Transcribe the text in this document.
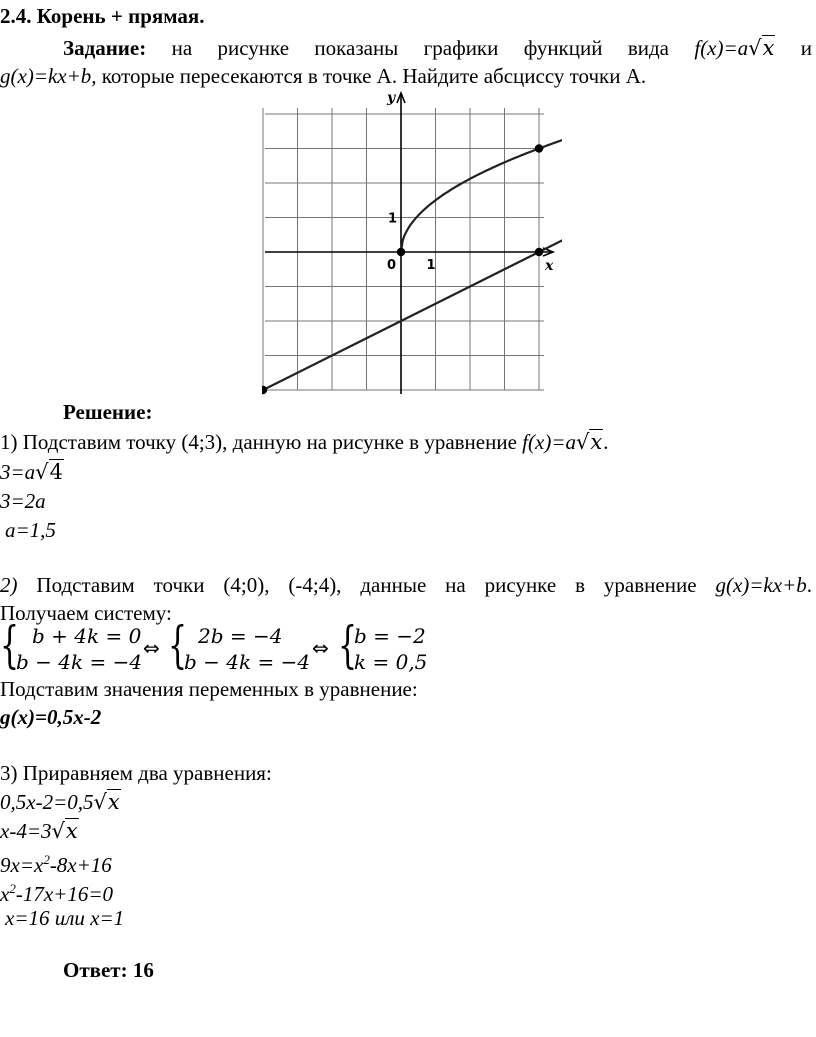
2.4. Корень + прямая.
Задание: на рисунке показаны графики функций вида f(x)=a√x и
g(x)=kx+b, которые пересекаются в точке А. Найдите абсциссу точки А.
y
x
0 1
1
Решение:
1) Подставим точку (4;3), данную на рисунке в уравнение f(x)=a√x.
3=a√4
3=2a
a=1,5
2) Подставим точки (4;0), (-4;4), данные на рисунке в уравнение g(x)=kx+b.
Получаем систему:
{ b + 4k = 0
b − 4k = −4
⇔ { 2b = −4
b − 4k = −4
⇔ {
b = −2
k = 0,5
Подставим значения переменных в уравнение:
g(x)=0,5x-2
3) Приравняем два уравнения:
0,5x-2=0,5√x
x-4=3√x
$9x=x^2-8x+16$
$x^2-17x+16=0$
x=16 или x=1
Ответ: 16
